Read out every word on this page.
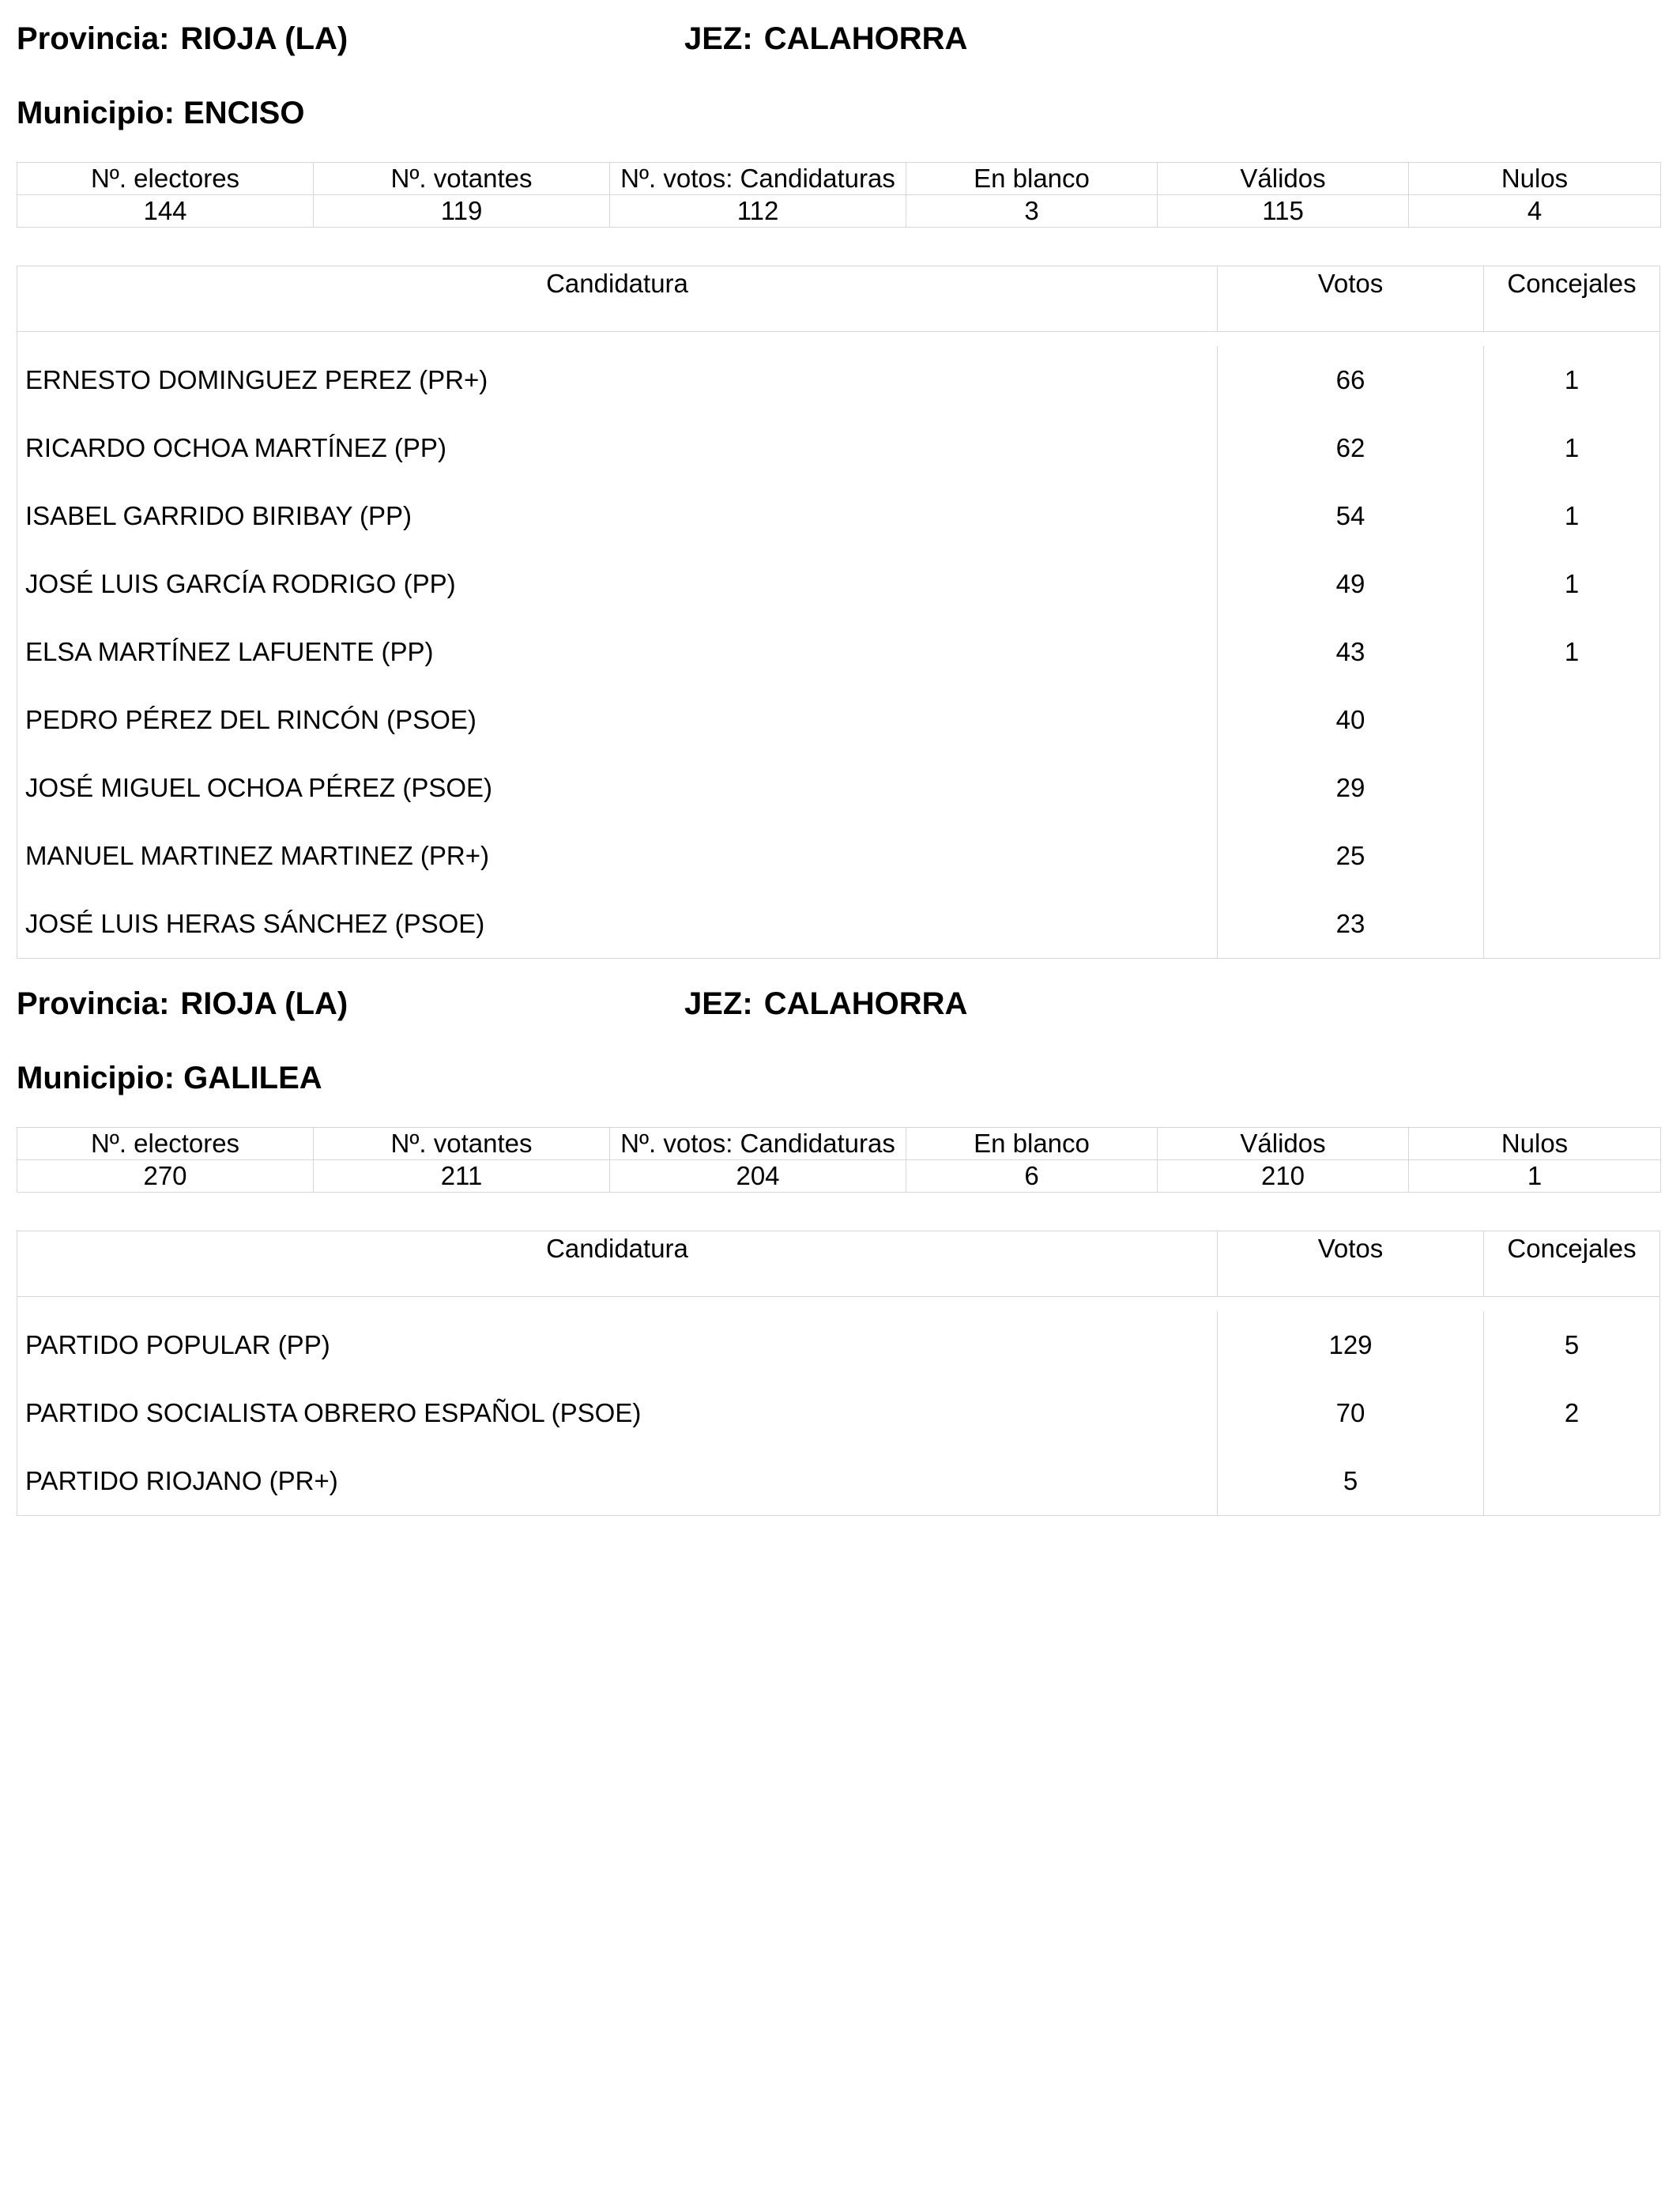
Provincia: RIOJA (LA)	JEZ: CALAHORRA
Municipio: ENCISO
Nº. electores	Nº. votantes	Nº. votos: Candidaturas	En blanco	Válidos	Nulos
144	119	112	3	115	4
Candidatura	Votos	Concejales
ERNESTO DOMINGUEZ PEREZ (PR+)	66	1
RICARDO OCHOA MARTÍNEZ (PP)	62	1
ISABEL GARRIDO BIRIBAY (PP)	54	1
JOSÉ LUIS GARCÍA RODRIGO (PP)	49	1
ELSA MARTÍNEZ LAFUENTE (PP)	43	1
PEDRO PÉREZ DEL RINCÓN (PSOE)	40
JOSÉ MIGUEL OCHOA PÉREZ (PSOE)	29
MANUEL MARTINEZ MARTINEZ (PR+)	25
JOSÉ LUIS HERAS SÁNCHEZ (PSOE)	23
Provincia: RIOJA (LA)	JEZ: CALAHORRA
Municipio: GALILEA
Nº. electores	Nº. votantes	Nº. votos: Candidaturas	En blanco	Válidos	Nulos
270	211	204	6	210	1
Candidatura	Votos	Concejales
PARTIDO POPULAR (PP)	129	5
PARTIDO SOCIALISTA OBRERO ESPAÑOL (PSOE)	70	2
PARTIDO RIOJANO (PR+)	5
